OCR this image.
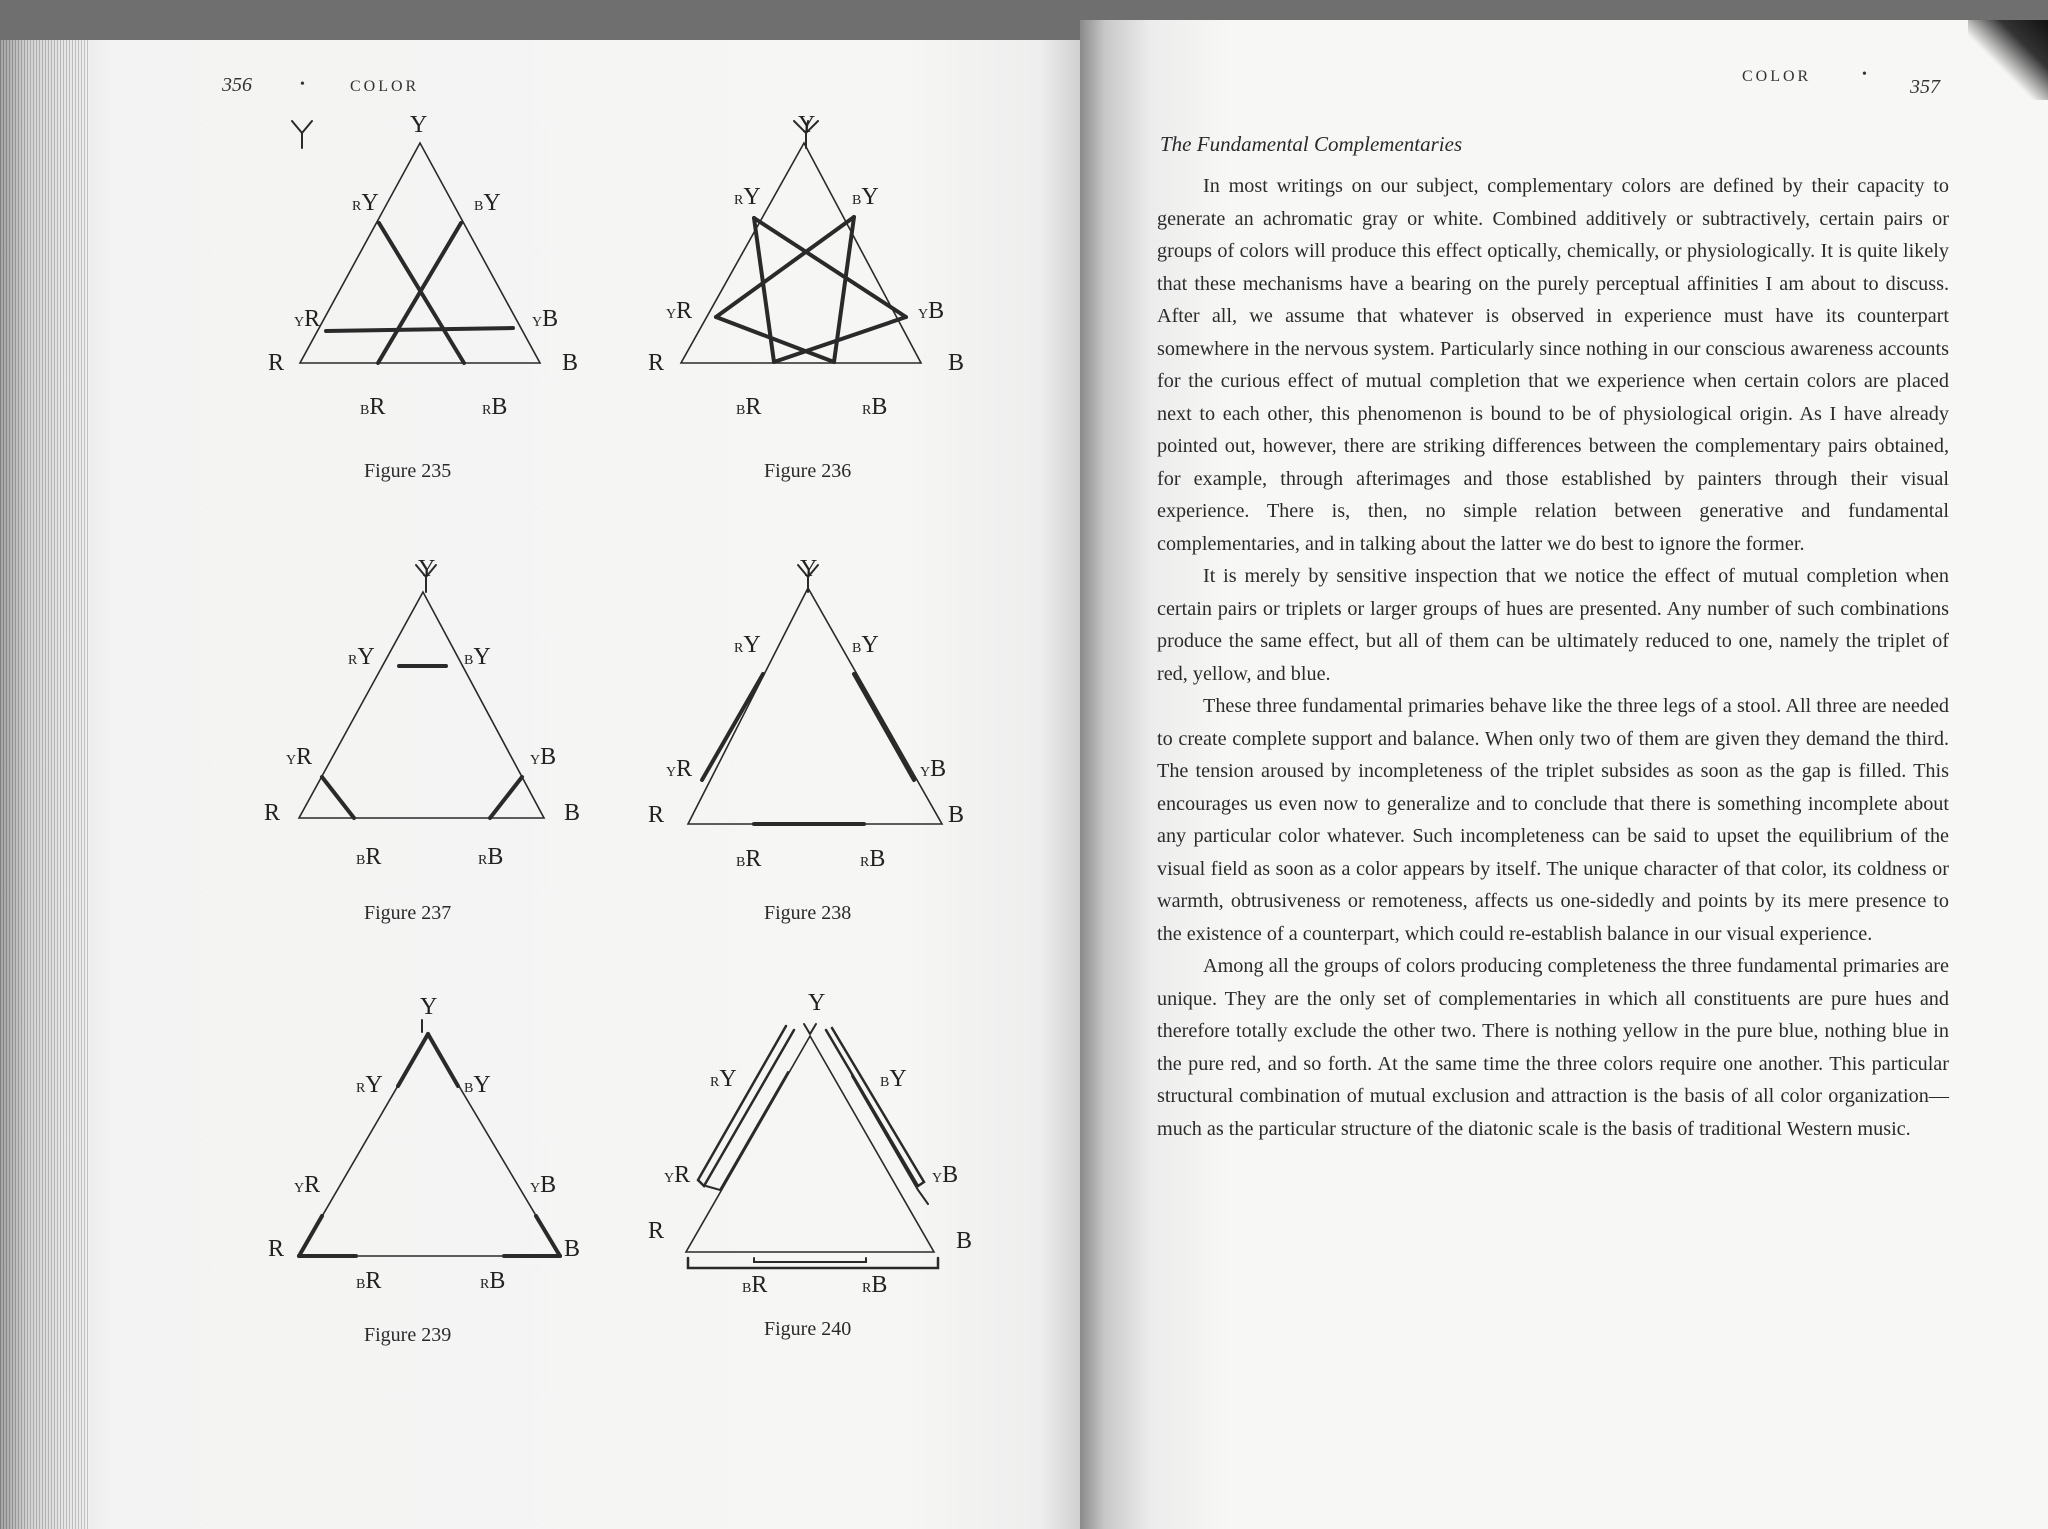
356	•	COLOR
Y
RY	BY
YR	YB
R	B
BR	RB
Figure 235
Y
RY	BY
YR	YB
R	B
BR	RB
Figure 236
Y
RY	BY
YR	YB
R	B
BR	RB
Figure 237
Y
RY	BY
YR	YB
R	B
BR	RB
Figure 238
Y
RY	BY
YR	YB
R	B
BR	RB
Figure 239
Y
RY	BY
YR	YB
R	B
BR	RB
Figure 240
COLOR	•
357
The Fundamental Complementaries

In most writings on our subject, complementary colors are defined by their capacity to generate an achromatic gray or white. Combined additively or subtractively, certain pairs or groups of colors will produce this effect optically, chemically, or physiologically. It is quite likely that these mechanisms have a bearing on the purely perceptual affinities I am about to discuss. After all, we assume that whatever is observed in experience must have its counterpart somewhere in the nervous system. Particularly since nothing in our conscious awareness accounts for the curious effect of mutual completion that we experience when certain colors are placed next to each other, this phenomenon is bound to be of physiological origin. As I have already pointed out, however, there are striking differences between the complementary pairs obtained, for example, through afterimages and those established by painters through their visual experience. There is, then, no simple relation between generative and fundamental complementaries, and in talking about the latter we do best to ignore the former.

It is merely by sensitive inspection that we notice the effect of mutual completion when certain pairs or triplets or larger groups of hues are presented. Any number of such combinations produce the same effect, but all of them can be ultimately reduced to one, namely the triplet of red, yellow, and blue.

These three fundamental primaries behave like the three legs of a stool. All three are needed to create complete support and balance. When only two of them are given they demand the third. The tension aroused by incompleteness of the triplet subsides as soon as the gap is filled. This encourages us even now to generalize and to conclude that there is something incomplete about any particular color whatever. Such incompleteness can be said to upset the equilibrium of the visual field as soon as a color appears by itself. The unique character of that color, its coldness or warmth, obtrusiveness or remoteness, affects us one-sidedly and points by its mere presence to the existence of a counterpart, which could re-establish balance in our visual experience.

Among all the groups of colors producing completeness the three fundamental primaries are unique. They are the only set of complementaries in which all constituents are pure hues and therefore totally exclude the other two. There is nothing yellow in the pure blue, nothing blue in the pure red, and so forth. At the same time the three colors require one another. This particular structural combination of mutual exclusion and attraction is the basis of all color organization—much as the particular structure of the diatonic scale is the basis of traditional Western music.
